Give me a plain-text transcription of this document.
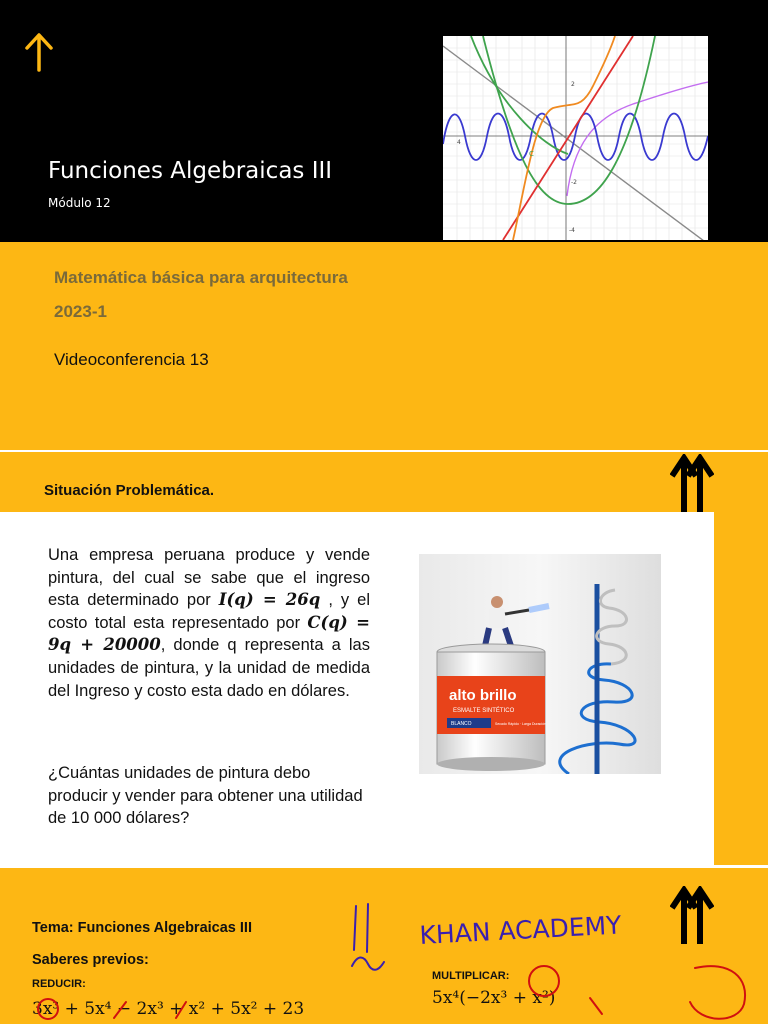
Funciones Algebraicas III
Módulo 12
2
-2
-4
4
C
Matemática básica para arquitectura
2023-1
Videoconferencia 13
Situación Problemática.

Una empresa peruana produce y vende pintura, del cual se sabe que el ingreso esta determinado por I(q) = 26q , y el costo total esta representado por C(q) = 9q + 20000, donde q representa a las unidades de pintura, y la unidad de medida del Ingreso y costo esta dado en dólares.

¿Cuántas unidades de pintura debo producir y vender para obtener una utilidad de 10 000 dólares?

alto brillo
ESMALTE SINTÉTICO
BLANCO	Secado Rápido · Larga Duración
Tema: Funciones Algebraicas III
Saberes previos:
REDUCIR:
MULTIPLICAR:
3x³ + 5x⁴ − 2x³ + x² + 5x² + 23
5x⁴(−2x³ + x²)
KHAN ACADEMY
